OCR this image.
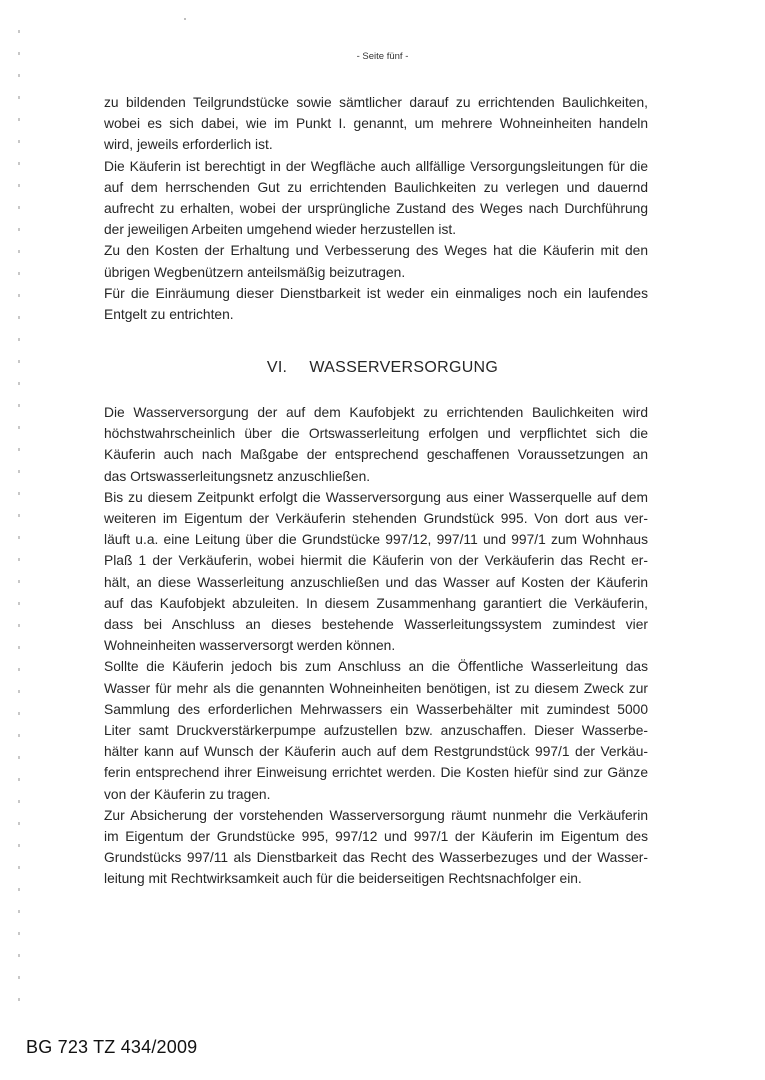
- Seite fünf -
zu bildenden Teilgrundstücke sowie sämtlicher darauf zu errichtenden Baulichkeiten,
wobei es sich dabei, wie im Punkt I. genannt, um mehrere Wohneinheiten handeln
wird, jeweils erforderlich ist.
Die Käuferin ist berechtigt in der Wegfläche auch allfällige Versorgungsleitungen für die
auf dem herrschenden Gut zu errichtenden Baulichkeiten zu verlegen und dauernd
aufrecht zu erhalten, wobei der ursprüngliche Zustand des Weges nach Durchführung
der jeweiligen Arbeiten umgehend wieder herzustellen ist.
Zu den Kosten der Erhaltung und Verbesserung des Weges hat die Käuferin mit den
übrigen Wegbenützern anteilsmäßig beizutragen.
Für die Einräumung dieser Dienstbarkeit ist weder ein einmaliges noch ein laufendes
Entgelt zu entrichten.
VI. WASSERVERSORGUNG
Die Wasserversorgung der auf dem Kaufobjekt zu errichtenden Baulichkeiten wird
höchstwahrscheinlich über die Ortswasserleitung erfolgen und verpflichtet sich die
Käuferin auch nach Maßgabe der entsprechend geschaffenen Voraussetzungen an
das Ortswasserleitungsnetz anzuschließen.
Bis zu diesem Zeitpunkt erfolgt die Wasserversorgung aus einer Wasserquelle auf dem
weiteren im Eigentum der Verkäuferin stehenden Grundstück 995. Von dort aus ver-
läuft u.a. eine Leitung über die Grundstücke 997/12, 997/11 und 997/1 zum Wohnhaus
Plaß 1 der Verkäuferin, wobei hiermit die Käuferin von der Verkäuferin das Recht er-
hält, an diese Wasserleitung anzuschließen und das Wasser auf Kosten der Käuferin
auf das Kaufobjekt abzuleiten. In diesem Zusammenhang garantiert die Verkäuferin,
dass bei Anschluss an dieses bestehende Wasserleitungssystem zumindest vier
Wohneinheiten wasserversorgt werden können.
Sollte die Käuferin jedoch bis zum Anschluss an die Öffentliche Wasserleitung das
Wasser für mehr als die genannten Wohneinheiten benötigen, ist zu diesem Zweck zur
Sammlung des erforderlichen Mehrwassers ein Wasserbehälter mit zumindest 5000
Liter samt Druckverstärkerpumpe aufzustellen bzw. anzuschaffen. Dieser Wasserbe-
hälter kann auf Wunsch der Käuferin auch auf dem Restgrundstück 997/1 der Verkäu-
ferin entsprechend ihrer Einweisung errichtet werden. Die Kosten hiefür sind zur Gänze
von der Käuferin zu tragen.
Zur Absicherung der vorstehenden Wasserversorgung räumt nunmehr die Verkäuferin
im Eigentum der Grundstücke 995, 997/12 und 997/1 der Käuferin im Eigentum des
Grundstücks 997/11 als Dienstbarkeit das Recht des Wasserbezuges und der Wasser-
leitung mit Rechtwirksamkeit auch für die beiderseitigen Rechtsnachfolger ein.
BG 723 TZ 434/2009
